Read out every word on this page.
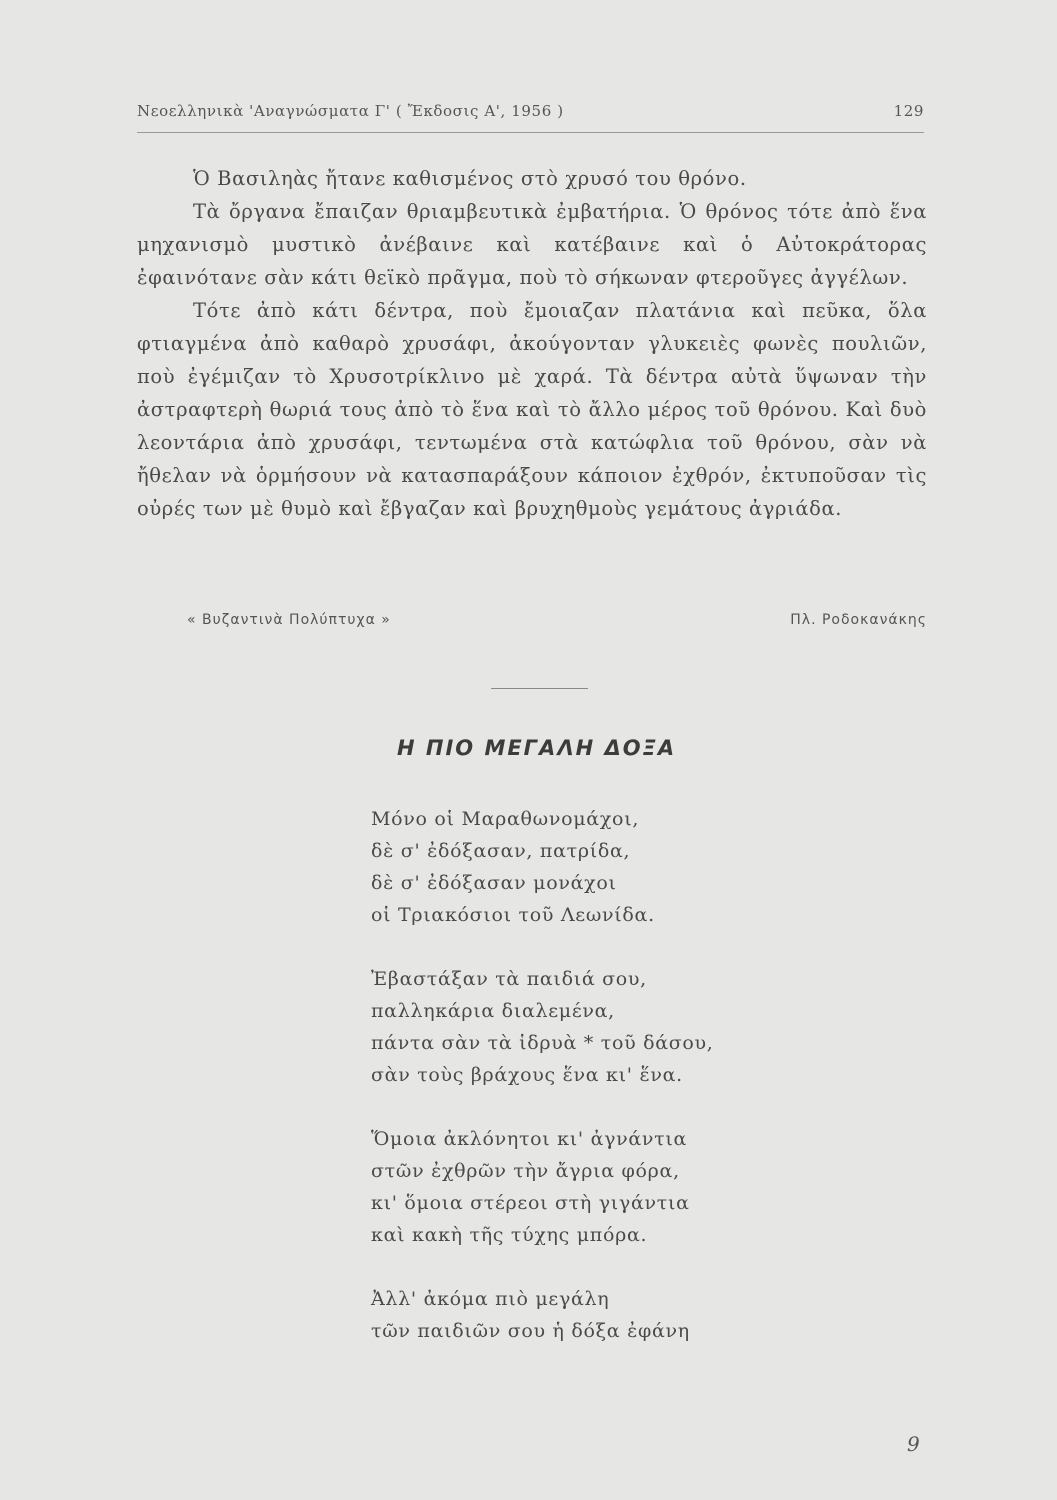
Νεοελληνικὰ 'Αναγνώσματα Γ' ( Ἔκδοσις Α', 1956 )	129

Ὁ Βασιληὰς ἤτανε καθισμένος στὸ χρυσό του θρόνο.

Τὰ ὄργανα ἔπαιζαν θριαμβευτικὰ ἐμβατήρια. Ὁ θρόνος τότε ἀπὸ ἕνα μηχανισμὸ μυστικὸ ἀνέβαινε καὶ κατέβαινε καὶ ὁ Αὐτοκράτορας ἐφαινότανε σὰν κάτι θεϊκὸ πρᾶγμα, ποὺ τὸ σήκωναν φτεροῦγες ἀγγέλων.

Τότε ἀπὸ κάτι δέντρα, ποὺ ἔμοιαζαν πλατάνια καὶ πεῦκα, ὅλα φτιαγμένα ἀπὸ καθαρὸ χρυσάφι, ἀκούγονταν γλυκειὲς φωνὲς πουλιῶν, ποὺ ἐγέμιζαν τὸ Χρυσοτρίκλινο μὲ χαρά. Τὰ δέντρα αὐτὰ ὕψωναν τὴν ἀστραφτερὴ θωριά τους ἀπὸ τὸ ἕνα καὶ τὸ ἄλλο μέρος τοῦ θρόνου. Καὶ δυὸ λεοντάρια ἀπὸ χρυσάφι, τεντωμένα στὰ κατώφλια τοῦ θρόνου, σὰν νὰ ἤθελαν νὰ ὁρμήσουν νὰ κατασπαράξουν κάποιον ἐχθρόν, ἐκτυποῦσαν τὶς οὐρές των μὲ θυμὸ καὶ ἔβγαζαν καὶ βρυχηθμοὺς γεμάτους ἀγριάδα.

« Βυζαντινὰ Πολύπτυχα »	Πλ. Ροδοκανάκης
Η ΠΙΟ ΜΕΓΑΛΗ ΔΟΞΑ
Μόνο οἱ Μαραθωνομάχοι,
δὲ σ' ἐδόξασαν, πατρίδα,
δὲ σ' ἐδόξασαν μονάχοι
οἱ Τριακόσιοι τοῦ Λεωνίδα.
Ἐβαστάξαν τὰ παιδιά σου,
παλληκάρια διαλεμένα,
πάντα σὰν τὰ ἱδρυὰ * τοῦ δάσου,
σὰν τοὺς βράχους ἕνα κι' ἕνα.
Ὅμοια ἀκλόνητοι κι' ἀγνάντια
στῶν ἐχθρῶν τὴν ἄγρια φόρα,
κι' ὅμοια στέρεοι στὴ γιγάντια
καὶ κακὴ τῆς τύχης μπόρα.
Ἀλλ' ἀκόμα πιὸ μεγάλη
τῶν παιδιῶν σου ἡ δόξα ἐφάνη
9
